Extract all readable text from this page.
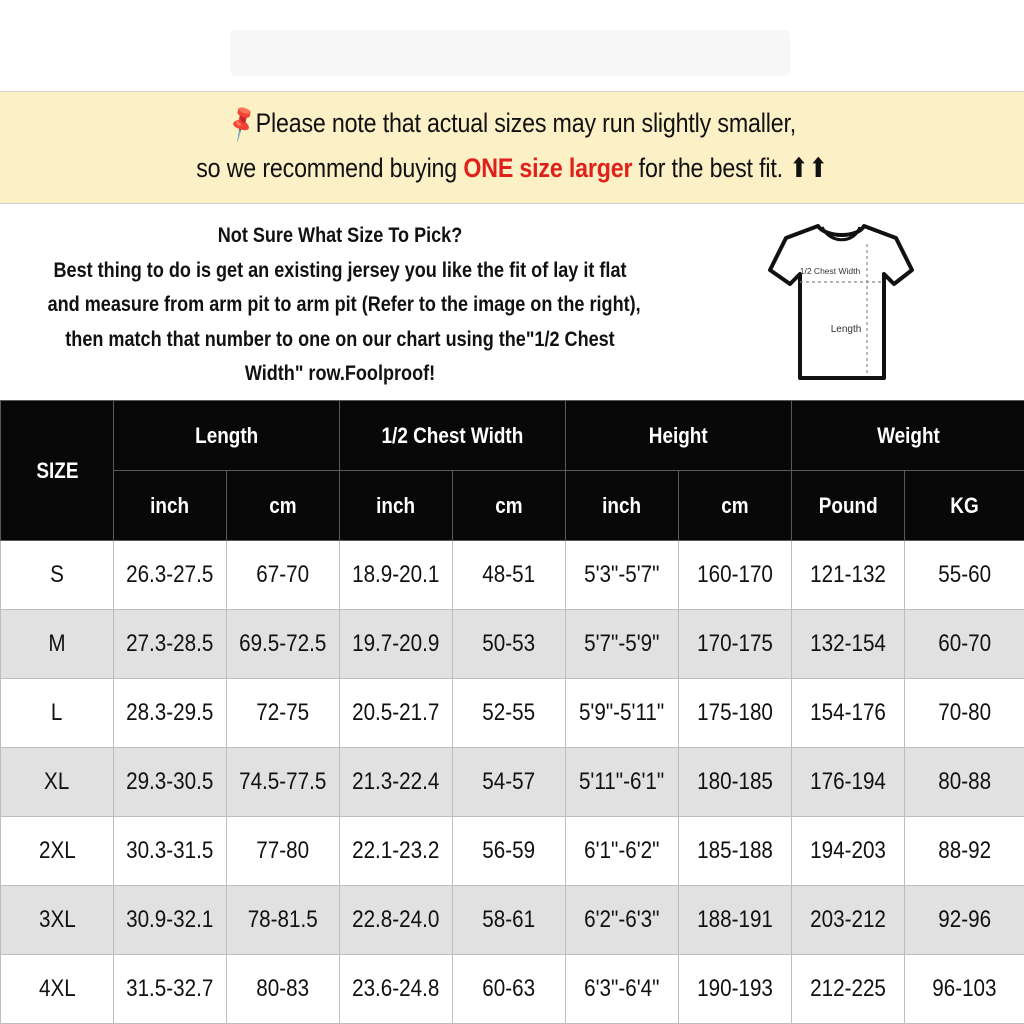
📌Please note that actual sizes may run slightly smaller,
so we recommend buying ONE size larger for the best fit. ⬆⬆

Not Sure What Size To Pick?

Best thing to do is get an existing jersey you like the fit of lay it flat

and measure from arm pit to arm pit (Refer to the image on the right),

then match that number to one on our chart using the"1/2 Chest

Width" row.Foolproof!

1/2 Chest Width
Length
SIZE	Length		1/2 Chest Width		Height		Weight	
	inch	cm	inch	cm	inch	cm	Pound	KG
S	26.3-27.5	67-70	18.9-20.1	48-51	5'3"-5'7"	160-170	121-132	55-60
M	27.3-28.5	69.5-72.5	19.7-20.9	50-53	5'7"-5'9"	170-175	132-154	60-70
L	28.3-29.5	72-75	20.5-21.7	52-55	5'9"-5'11"	175-180	154-176	70-80
XL	29.3-30.5	74.5-77.5	21.3-22.4	54-57	5'11"-6'1"	180-185	176-194	80-88
2XL	30.3-31.5	77-80	22.1-23.2	56-59	6'1"-6'2"	185-188	194-203	88-92
3XL	30.9-32.1	78-81.5	22.8-24.0	58-61	6'2"-6'3"	188-191	203-212	92-96
4XL	31.5-32.7	80-83	23.6-24.8	60-63	6'3"-6'4"	190-193	212-225	96-103
